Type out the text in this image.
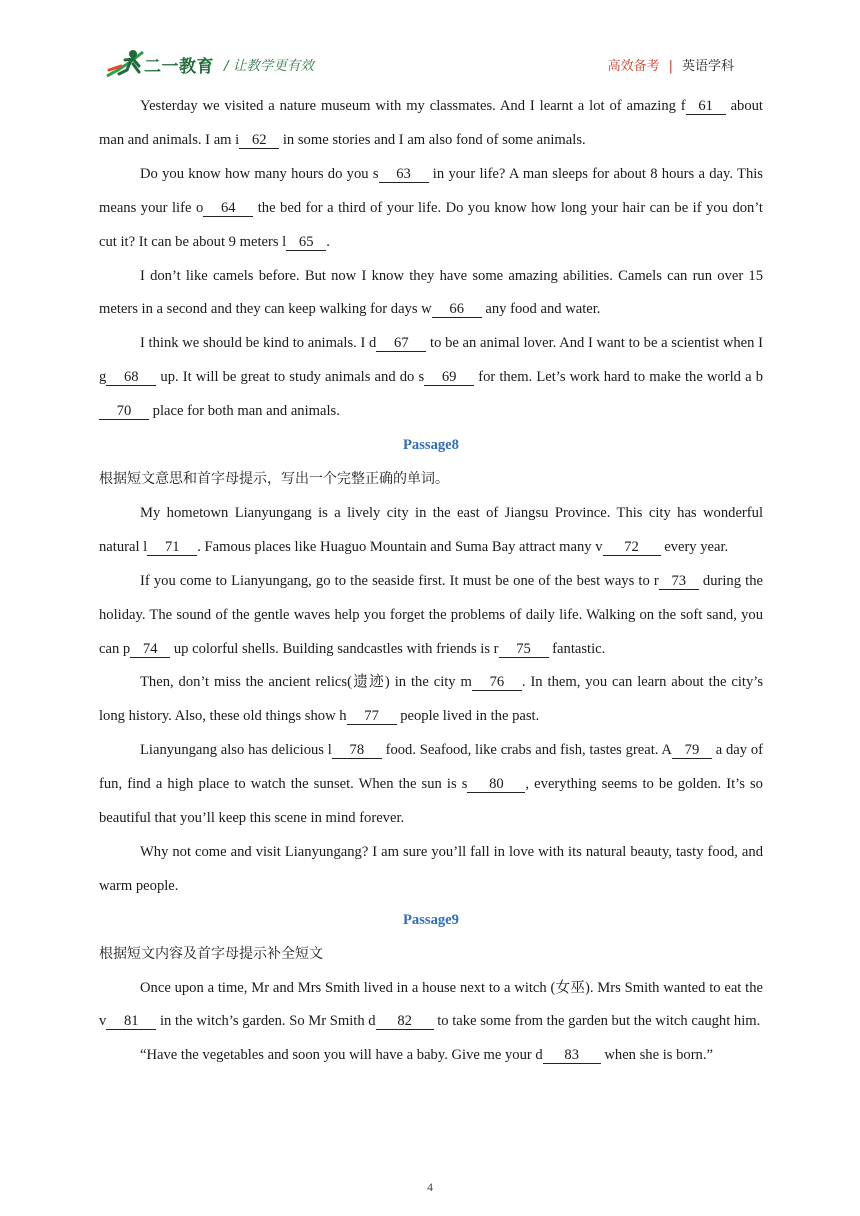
二一教育 / 让教学更有效	高效备考 | 英语学科

Yesterday we visited a nature museum with my classmates. And I learnt a lot of amazing f 61 about man and animals. I am i 62 in some stories and I am also fond of some animals.

Do you know how many hours do you s 63 in your life? A man sleeps for about 8 hours a day. This means your life o 64 the bed for a third of your life. Do you know how long your hair can be if you don’t cut it? It can be about 9 meters l 65 .

I don’t like camels before. But now I know they have some amazing abilities. Camels can run over 15 meters in a second and they can keep walking for days w 66 any food and water.

I think we should be kind to animals. I d 67 to be an animal lover. And I want to be a scientist when I g 68 up. It will be great to study animals and do s 69 for them. Let’s work hard to make the world a b70 place for both man and animals.

Passage8
根据短文意思和首字母提示，写出一个完整正确的单词。

My hometown Lianyungang is a lively city in the east of Jiangsu Province. This city has wonderful natural l 71 . Famous places like Huaguo Mountain and Suma Bay attract many v 72 every year.

If you come to Lianyungang, go to the seaside first. It must be one of the best ways to r 73 during the holiday. The sound of the gentle waves help you forget the problems of daily life. Walking on the soft sand, you can p 74 up colorful shells. Building sandcastles with friends is r 75 fantastic.

Then, don’t miss the ancient relics(遗迹) in the city m 76 . In them, you can learn about the city’s long history. Also, these old things show h 77 people lived in the past.

Lianyungang also has delicious l 78 food. Seafood, like crabs and fish, tastes great. A 79 a day of fun, find a high place to watch the sunset. When the sun is s 80 , everything seems to be golden. It’s so beautiful that you’ll keep this scene in mind forever.

Why not come and visit Lianyungang? I am sure you’ll fall in love with its natural beauty, tasty food, and warm people.

Passage9
根据短文内容及首字母提示补全短文

Once upon a time, Mr and Mrs Smith lived in a house next to a witch (女巫). Mrs Smith wanted to eat the v 81 in the witch’s garden. So Mr Smith d 82 to take some from the garden but the witch caught him.

“Have the vegetables and soon you will have a baby. Give me your d 83 when she is born.”

4
